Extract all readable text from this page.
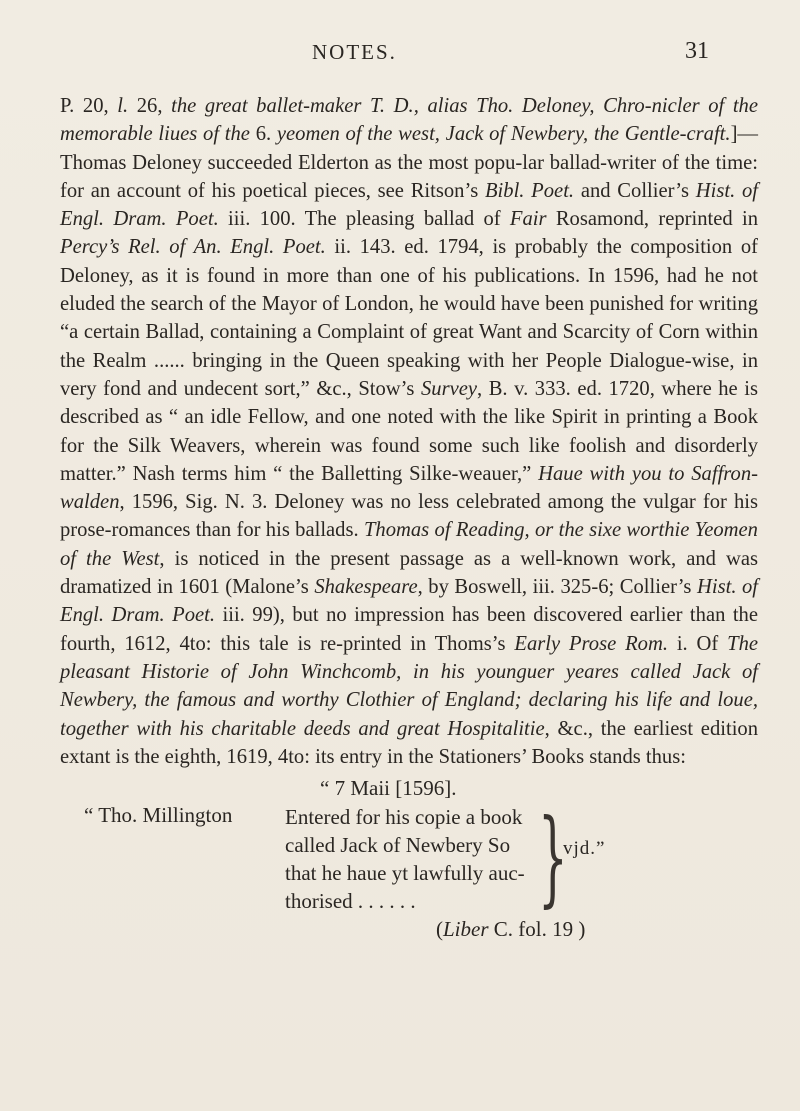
NOTES.	31

P. 20, l. 26, the great ballet-maker T. D., alias Tho. Deloney, Chro-nicler of the memorable liues of the 6. yeomen of the west, Jack of Newbery, the Gentle-craft.]—Thomas Deloney succeeded Elderton as the most popu-lar ballad-writer of the time: for an account of his poetical pieces, see Ritson’s Bibl. Poet. and Collier’s Hist. of Engl. Dram. Poet. iii. 100. The pleasing ballad of Fair Rosamond, reprinted in Percy’s Rel. of An. Engl. Poet. ii. 143. ed. 1794, is probably the composition of Deloney, as it is found in more than one of his publications. In 1596, had he not eluded the search of the Mayor of London, he would have been punished for writing “a certain Ballad, containing a Complaint of great Want and Scarcity of Corn within the Realm ...... bringing in the Queen speaking with her People Dialogue-wise, in very fond and undecent sort,” &c., Stow’s Survey, B. v. 333. ed. 1720, where he is described as “ an idle Fellow, and one noted with the like Spirit in printing a Book for the Silk Weavers, wherein was found some such like foolish and disorderly matter.” Nash terms him “ the Balletting Silke-weauer,” Haue with you to Saffron-walden, 1596, Sig. N. 3. Deloney was no less celebrated among the vulgar for his prose-romances than for his ballads. Thomas of Reading, or the sixe worthie Yeomen of the West, is noticed in the present passage as a well-known work, and was dramatized in 1601 (Malone’s Shakespeare, by Boswell, iii. 325-6; Collier’s Hist. of Engl. Dram. Poet. iii. 99), but no impression has been discovered earlier than the fourth, 1612, 4to: this tale is re-printed in Thoms’s Early Prose Rom. i. Of The pleasant Historie of John Winchcomb, in his younguer yeares called Jack of Newbery, the famous and worthy Clothier of England; declaring his life and loue, together with his charitable deeds and great Hospitalitie, &c., the earliest edition extant is the eighth, 1619, 4to: its entry in the Stationers’ Books stands thus:

“ 7 Maii [1596].
“ Tho. Millington	Entered for his copie a book
called Jack of Newbery So
that he haue yt lawfully auc-
thorised . . . . . .	}
vjd.”
(Liber C. fol. 19 )
